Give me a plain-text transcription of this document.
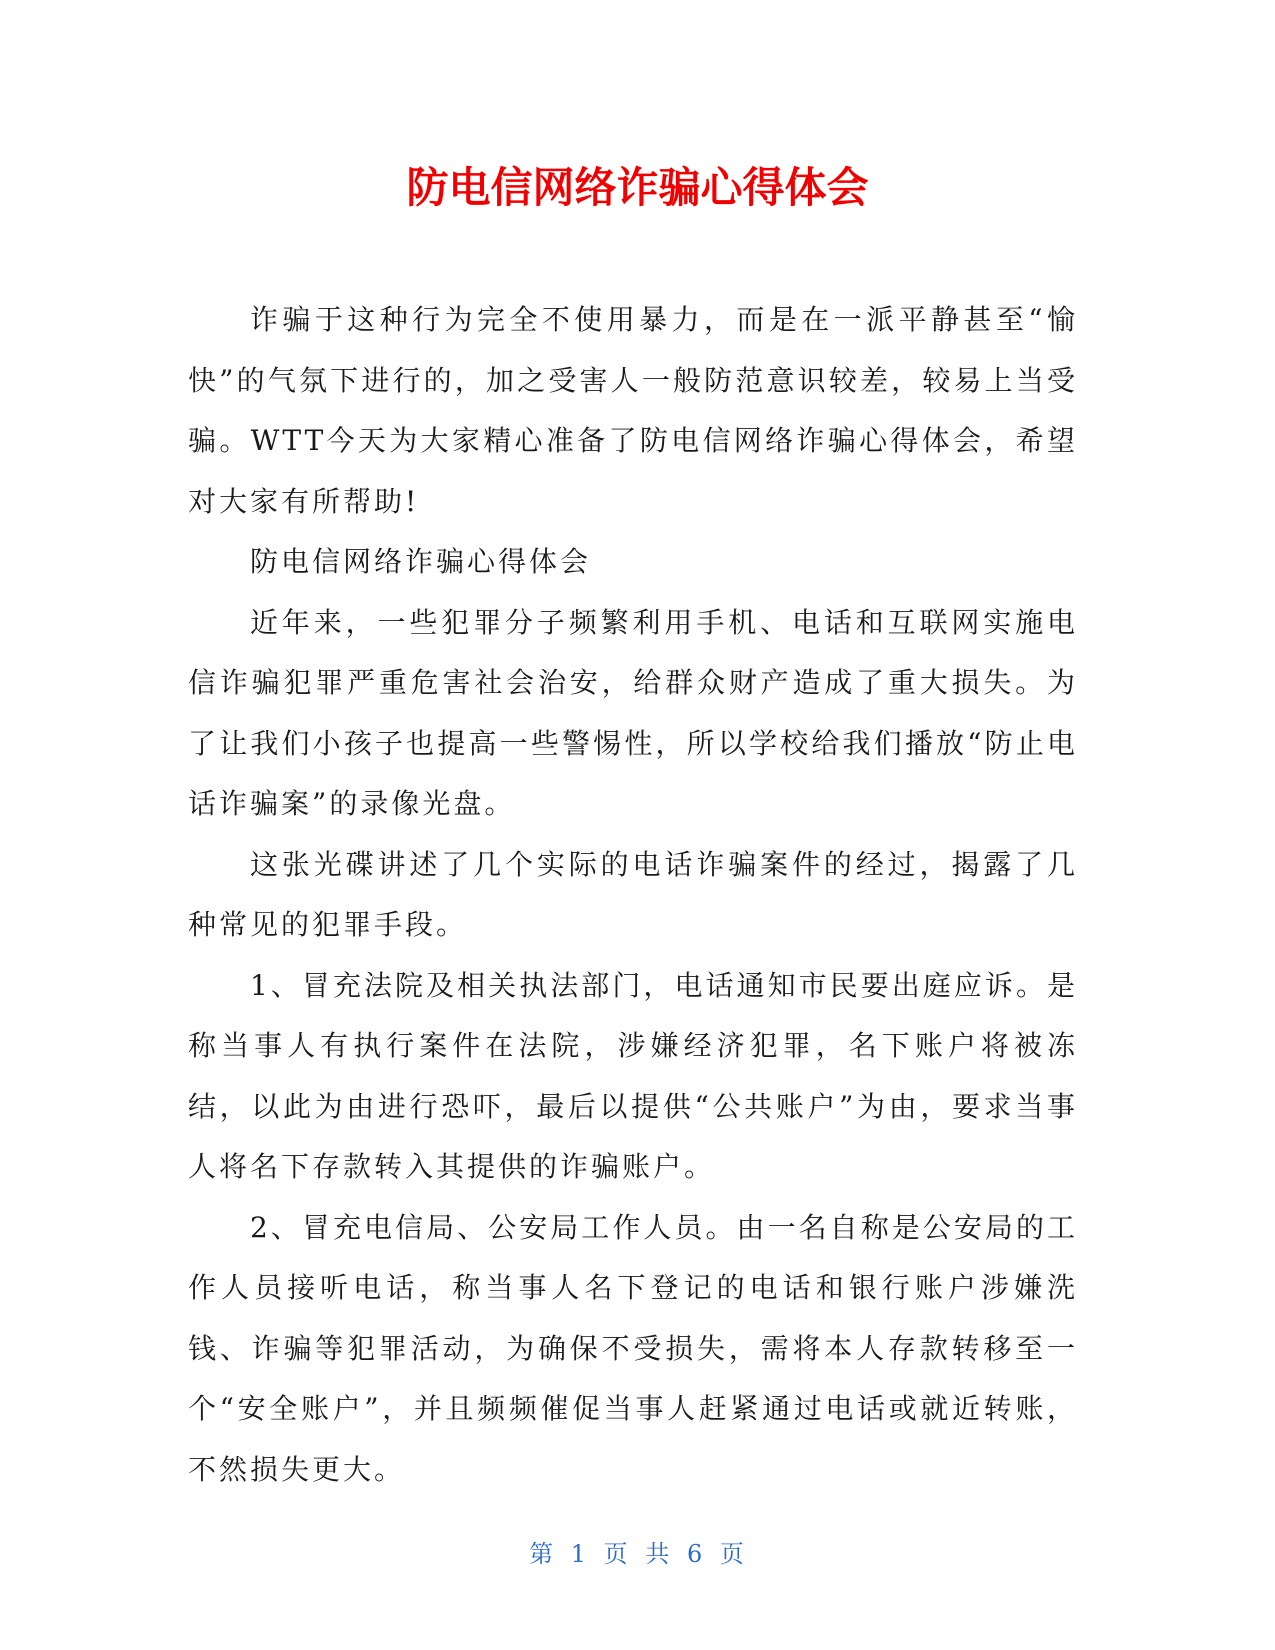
防电信网络诈骗心得体会

诈骗于这种行为完全不使用暴力，而是在一派平静甚至“愉快”的气氛下进行的，加之受害人一般防范意识较差，较易上当受骗。WTT今天为大家精心准备了防电信网络诈骗心得体会，希望对大家有所帮助!

防电信网络诈骗心得体会

近年来，一些犯罪分子频繁利用手机、电话和互联网实施电信诈骗犯罪严重危害社会治安，给群众财产造成了重大损失。为了让我们小孩子也提高一些警惕性，所以学校给我们播放“防止电话诈骗案”的录像光盘。

这张光碟讲述了几个实际的电话诈骗案件的经过，揭露了几种常见的犯罪手段。

1、冒充法院及相关执法部门，电话通知市民要出庭应诉。是称当事人有执行案件在法院，涉嫌经济犯罪，名下账户将被冻结，以此为由进行恐吓，最后以提供“公共账户”为由，要求当事人将名下存款转入其提供的诈骗账户。

2、冒充电信局、公安局工作人员。由一名自称是公安局的工作人员接听电话，称当事人名下登记的电话和银行账户涉嫌洗钱、诈骗等犯罪活动，为确保不受损失，需将本人存款转移至一个“安全账户”，并且频频催促当事人赶紧通过电话或就近转账，不然损失更大。

第 1 页 共 6 页
